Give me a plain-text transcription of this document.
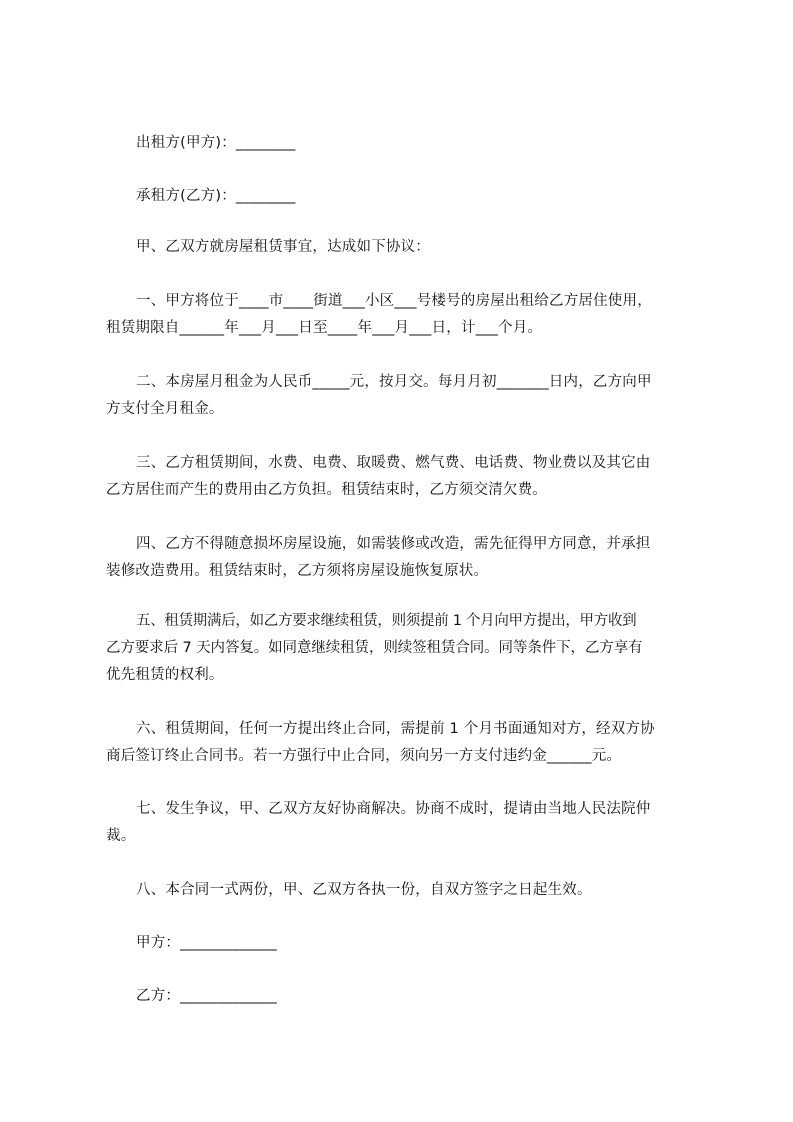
出租方(甲方)：________
承租方(乙方)：________
甲、乙双方就房屋租赁事宜，达成如下协议：
一、甲方将位于____市____街道___小区___号楼号的房屋出租给乙方居住使用，
租赁期限自______年___月___日至____年___月___日，计___个月。
二、本房屋月租金为人民币_____元，按月交。每月月初_______日内，乙方向甲
方支付全月租金。
三、乙方租赁期间，水费、电费、取暖费、燃气费、电话费、物业费以及其它由
乙方居住而产生的费用由乙方负担。租赁结束时，乙方须交清欠费。
四、乙方不得随意损坏房屋设施，如需装修或改造，需先征得甲方同意，并承担
装修改造费用。租赁结束时，乙方须将房屋设施恢复原状。
五、租赁期满后，如乙方要求继续租赁，则须提前 1 个月向甲方提出，甲方收到
乙方要求后 7 天内答复。如同意继续租赁，则续签租赁合同。同等条件下，乙方享有
优先租赁的权利。
六、租赁期间，任何一方提出终止合同，需提前 1 个月书面通知对方，经双方协
商后签订终止合同书。若一方强行中止合同，须向另一方支付违约金______元。
七、发生争议，甲、乙双方友好协商解决。协商不成时，提请由当地人民法院仲
裁。
八、本合同一式两份，甲、乙双方各执一份，自双方签字之日起生效。
甲方：_____________
乙方：_____________
